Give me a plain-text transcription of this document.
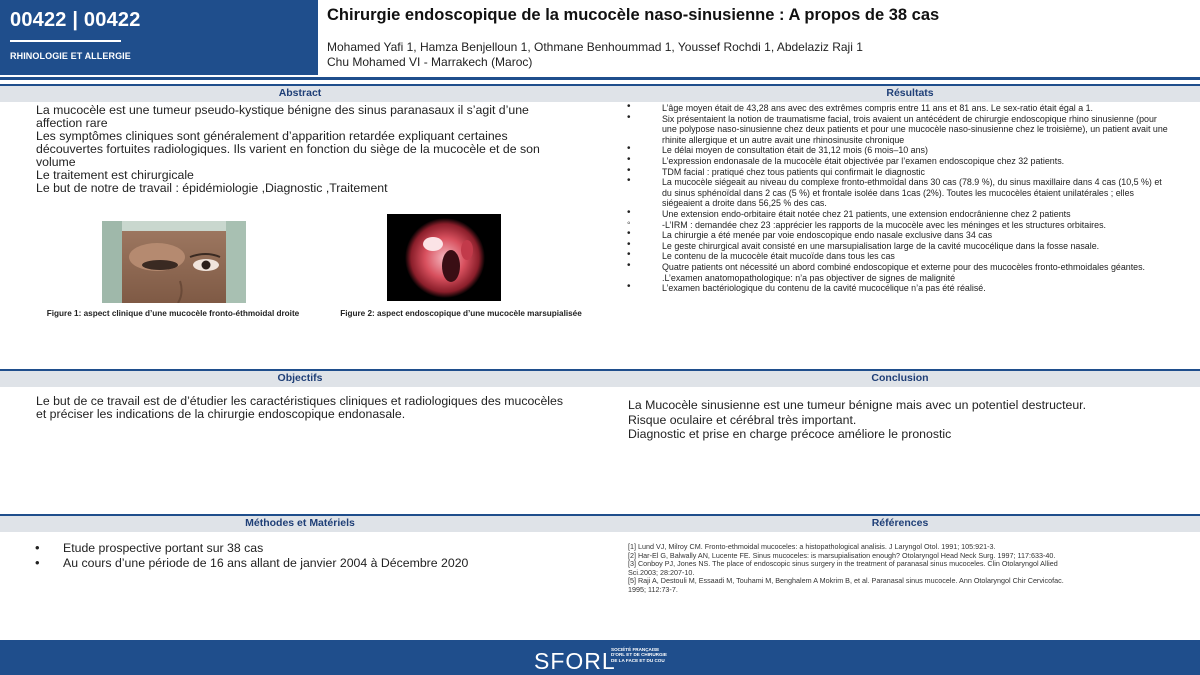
00422 | 00422
RHINOLOGIE ET ALLERGIE
Chirurgie endoscopique de la mucocèle naso-sinusienne : A propos de 38 cas
Mohamed Yafi 1, Hamza Benjelloun 1, Othmane Benhoummad 1, Youssef Rochdi 1, Abdelaziz Raji 1
Chu Mohamed VI - Marrakech (Maroc)
Abstract	Résultats
La mucocèle est une tumeur pseudo-kystique bénigne des sinus paranasaux il s’agit d’une affection rare
Les symptômes cliniques sont généralement d’apparition retardée expliquant certaines découvertes fortuites radiologiques. Ils varient en fonction du siège de la mucocèle et de son volume
Le traitement est chirurgicale
Le but de notre de travail : épidémiologie ,Diagnostic ,Traitement
Figure 1: aspect clinique d’une mucocèle fronto-éthmoidal droite	Figure 2: aspect endoscopique d’une mucocèle marsupialisée
• L’âge moyen était de 43,28 ans avec des extrêmes compris entre 11 ans et 81 ans. Le sex-ratio était égal a 1.
• Six présentaient la notion de traumatisme facial, trois avaient un antécédent de chirurgie endoscopique rhino sinusienne (pour une polypose naso-sinusienne chez deux patients et pour une mucocèle naso-sinusienne chez le troisième), un patient avait une rhinite allergique et un autre avait une rhinosinusite chronique
• Le délai moyen de consultation était de 31,12 mois (6 mois–10 ans)
• L’expression endonasale de la mucocèle était objectivée par l’examen endoscopique chez 32 patients.
• TDM facial : pratiqué chez tous patients qui confirmait le diagnostic
• La mucocèle siégeait au niveau du complexe fronto-ethmoïdal dans 30 cas (78.9 %), du sinus maxillaire dans 4 cas (10,5 %) et du sinus sphénoïdal dans 2 cas (5 %) et frontale isolée dans 1cas (2%). Toutes les mucocèles étaient unilatérales ; elles siégeaient a droite dans 56,25 % des cas.
• Une extension endo-orbitaire était notée chez 21 patients, une extension endocrânienne chez 2 patients
◦ -L’IRM : demandée chez 23 :apprécier les rapports de la mucocèle avec les méninges et les structures orbitaires.
• La chirurgie a été menée par voie endoscopique endo nasale exclusive dans 34 cas
• Le geste chirurgical avait consisté en une marsupialisation large de la cavité mucocélique dans la fosse nasale.
• Le contenu de la mucocèle était mucoïde dans tous les cas
• Quatre patients ont nécessité un abord combiné endoscopique et externe pour des mucocèles fronto-ethmoidales géantes. .L’examen anatomopathologique: n’a pas objectiver de signes de malignité
• L’examen bactériologique du contenu de la cavité mucocélique n’a pas été réalisé.
Objectifs	Conclusion
Le but de ce travail est de d’étudier les caractéristiques cliniques et radiologiques des mucocèles et préciser les indications de la chirurgie endoscopique endonasale.
La Mucocèle sinusienne est une tumeur bénigne mais avec un potentiel destructeur.
Risque oculaire et cérébral très important.
Diagnostic et prise en charge précoce améliore le pronostic
Méthodes et Matériels	Références
• Etude prospective portant sur 38 cas
• Au cours d’une période de 16 ans allant de janvier 2004 à Décembre 2020
[1] Lund VJ, Milroy CM. Fronto-ethmoidal mucoceles: a histopathological analisis. J Laryngol Otol. 1991; 105:921-3.
[2] Har-El G, Balwally AN, Lucente FE. Sinus mucoceles: is marsupialisation enough? Otolaryngol Head Neck Surg. 1997; 117:633-40.
[3] Conboy PJ, Jones NS. The place of endoscopic sinus surgery in the treatment of paranasal sinus mucoceles. Clin Otolaryngol Allied Sci.2003; 28:207-10.
[5] Raji A, Destouli M, Essaadi M, Touhami M, Benghalem A Mokrim B, et al. Paranasal sinus mucocele. Ann Otolaryngol Chir Cervicofac. 1995; 112:73-7.
SFORL
SOCIÉTÉ FRANÇAISE
D'ORL ET DE CHIRURGIE
DE LA FACE ET DU COU
